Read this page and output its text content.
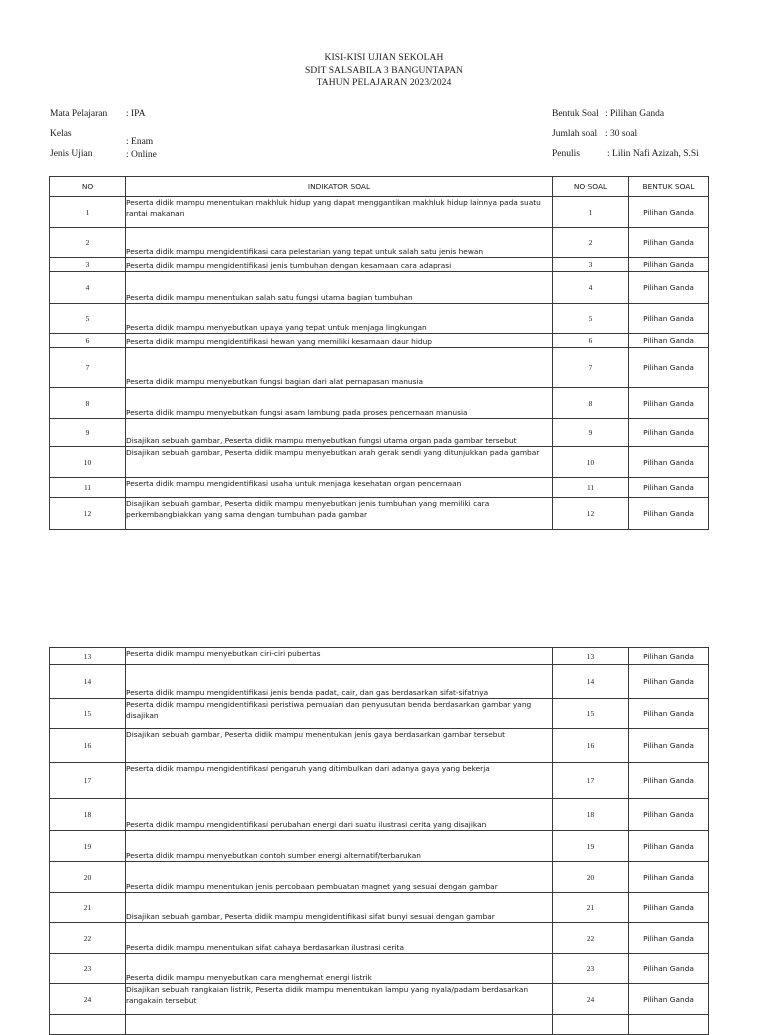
KISI-KISI UJIAN SEKOLAH
SDIT SALSABILA 3 BANGUNTAPAN
TAHUN PELAJARAN 2023/2024
Mata Pelajaran : IPA
Kelas
: Enam
Jenis Ujian	: Online
Bentuk Soal : Pilihan Ganda
Jumlah soal : 30 soal
Penulis	: Lilin Nafi Azizah, S.Si
NO	INDIKATOR SOAL	NO SOAL	BENTUK SOAL
1	Peserta didik mampu menentukan makhluk hidup yang dapat menggantikan makhluk hidup lainnya pada suatu rantai makanan	1	Pilihan Ganda
2	Peserta didik mampu mengidentifikasi cara pelestarian yang tepat untuk salah satu jenis hewan	2	Pilihan Ganda
3	Peserta didik mampu mengidentifikasi jenis tumbuhan dengan kesamaan cara adaprasi	3	Pilihan Ganda
4	Peserta didik mampu menentukan salah satu fungsi utama bagian tumbuhan	4	Pilihan Ganda
5	Peserta didik mampu menyebutkan upaya yang tepat untuk menjaga lingkungan	5	Pilihan Ganda
6	Peserta didik mampu mengidentifikasi hewan yang memiliki kesamaan daur hidup	6	Pilihan Ganda
7	Peserta didik mampu menyebutkan fungsi bagian dari alat pernapasan manusia	7	Pilihan Ganda
8	Peserta didik mampu menyebutkan fungsi asam lambung pada proses pencernaan manusia	8	Pilihan Ganda
9	Disajikan sebuah gambar, Peserta didik mampu menyebutkan fungsi utama organ pada gambar tersebut	9	Pilihan Ganda
10	Disajikan sebuah gambar, Peserta didik mampu menyebutkan arah gerak sendi yang ditunjukkan pada gambar	10	Pilihan Ganda
11	Peserta didik mampu mengidentifikasi usaha untuk menjaga kesehatan organ pencernaan	11	Pilihan Ganda
12	Disajikan sebuah gambar, Peserta didik mampu menyebutkan jenis tumbuhan yang memiliki cara perkembangbiakkan yang sama dengan tumbuhan pada gambar	12	Pilihan Ganda
13	Peserta didik mampu menyebutkan ciri-ciri pubertas	13	Pilihan Ganda
14	Peserta didik mampu mengidentifikasi jenis benda padat, cair, dan gas berdasarkan sifat-sifatnya	14	Pilihan Ganda
15	Peserta didik mampu mengidentifikasi peristiwa pemuaian dan penyusutan benda berdasarkan gambar yang disajikan	15	Pilihan Ganda
16	Disajikan sebuah gambar, Peserta didik mampu menentukan jenis gaya berdasarkan gambar tersebut	16	Pilihan Ganda
17	Peserta didik mampu mengidentifikasi pengaruh yang ditimbulkan dari adanya gaya yang bekerja	17	Pilihan Ganda
18	Peserta didik mampu mengidentifikasi perubahan energi dari suatu ilustrasi cerita yang disajikan	18	Pilihan Ganda
19	Peserta didik mampu menyebutkan contoh sumber energi alternatif/terbarukan	19	Pilihan Ganda
20	Peserta didik mampu menentukan jenis percobaan pembuatan magnet yang sesuai dengan gambar	20	Pilihan Ganda
21	Disajikan sebuah gambar, Peserta didik mampu mengidentifikasi sifat bunyi sesuai dengan gambar	21	Pilihan Ganda
22	Peserta didik mampu menentukan sifat cahaya berdasarkan ilustrasi cerita	22	Pilihan Ganda
23	Peserta didik mampu menyebutkan cara menghemat energi listrik	23	Pilihan Ganda
24	Disajikan sebuah rangkaian listrik, Peserta didik mampu menentukan lampu yang nyala/padam berdasarkan rangakain tersebut	24	Pilihan Ganda
